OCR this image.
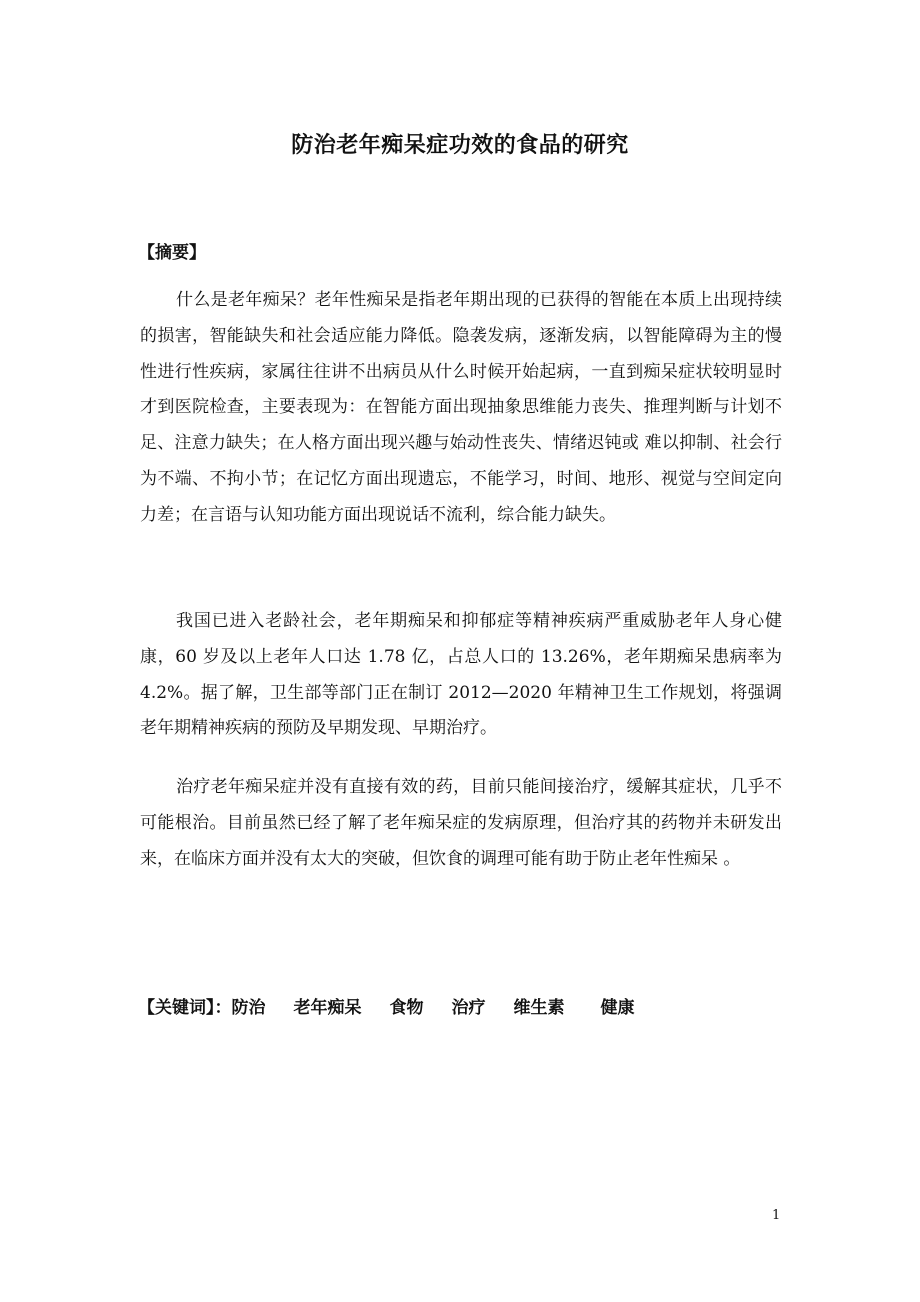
防治老年痴呆症功效的食品的研究
【摘要】

什么是老年痴呆？老年性痴呆是指老年期出现的已获得的智能在本质上出现持续的损害，智能缺失和社会适应能力降低。隐袭发病，逐渐发病，以智能障碍为主的慢性进行性疾病，家属往往讲不出病员从什么时候开始起病，一直到痴呆症状较明显时才到医院检查，主要表现为：在智能方面出现抽象思维能力丧失、推理判断与计划不足、注意力缺失；在人格方面出现兴趣与始动性丧失、情绪迟钝或 难以抑制、社会行为不端、不拘小节；在记忆方面出现遗忘，不能学习，时间、地形、视觉与空间定向力差；在言语与认知功能方面出现说话不流利，综合能力缺失。

我国已进入老龄社会，老年期痴呆和抑郁症等精神疾病严重威胁老年人身心健康，60 岁及以上老年人口达 1.78 亿，占总人口的 13.26%，老年期痴呆患病率为 4.2%。据了解，卫生部等部门正在制订 2012—2020 年精神卫生工作规划，将强调老年期精神疾病的预防及早期发现、早期治疗。

治疗老年痴呆症并没有直接有效的药，目前只能间接治疗，缓解其症状，几乎不可能根治。目前虽然已经了解了老年痴呆症的发病原理，但治疗其的药物并未研发出来，在临床方面并没有太大的突破，但饮食的调理可能有助于防止老年性痴呆 。

【关键词】：防治 老年痴呆 食物 治疗 维生素 健康
1
